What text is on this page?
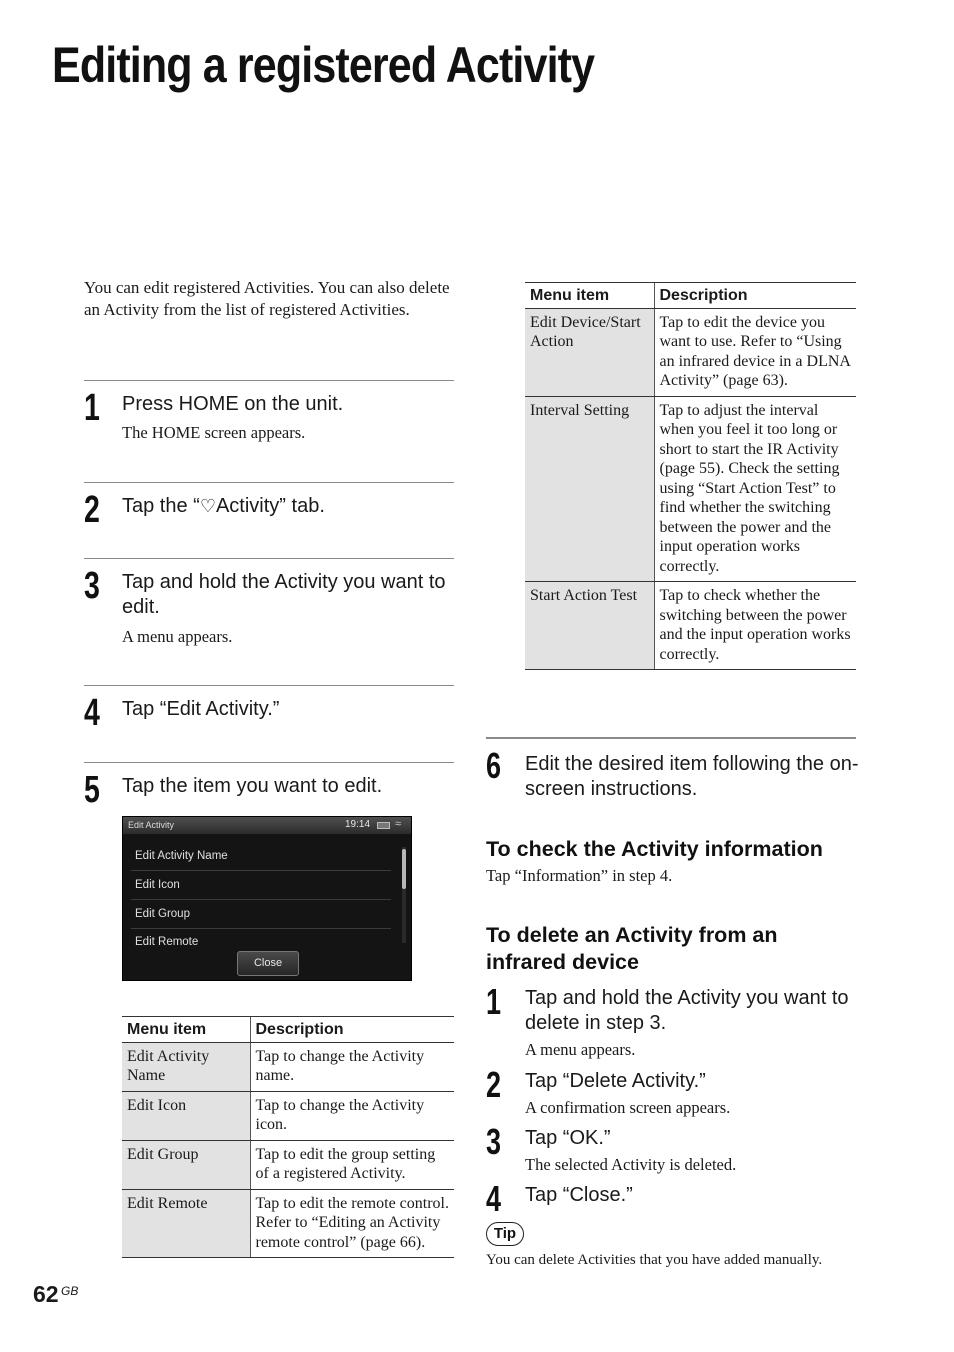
Editing a registered Activity
You can edit registered Activities. You can also delete an Activity from the list of registered Activities.
1 Press HOME on the unit.
The HOME screen appears.
2 Tap the “♡Activity” tab.
3 Tap and hold the Activity you want to edit.
A menu appears.
4 Tap “Edit Activity.”
5 Tap the item you want to edit.
Edit Activity	19:14 ≈
Edit Activity Name
Edit Icon
Edit Group
Edit Remote
Close
Menu item	Description
Edit Activity Name	Tap to change the Activity name.
Edit Icon	Tap to change the Activity icon.
Edit Group	Tap to edit the group setting of a registered Activity.
Edit Remote	Tap to edit the remote control. Refer to “Editing an Activity remote control” (page 66).
Menu item	Description
Edit Device/Start Action	Tap to edit the device you want to use. Refer to “Using an infrared device in a DLNA Activity” (page 63).
Interval Setting	Tap to adjust the interval when you feel it too long or short to start the IR Activity (page 55). Check the setting using “Start Action Test” to find whether the switching between the power and the input operation works correctly.
Start Action Test	Tap to check whether the switching between the power and the input operation works correctly.
6 Edit the desired item following the on-screen instructions.
To check the Activity information
Tap “Information” in step 4.
To delete an Activity from an infrared device
1 Tap and hold the Activity you want to delete in step 3.
A menu appears.
2 Tap “Delete Activity.”
A confirmation screen appears.
3 Tap “OK.”
The selected Activity is deleted.
4 Tap “Close.”
Tip
You can delete Activities that you have added manually.
62 GB
